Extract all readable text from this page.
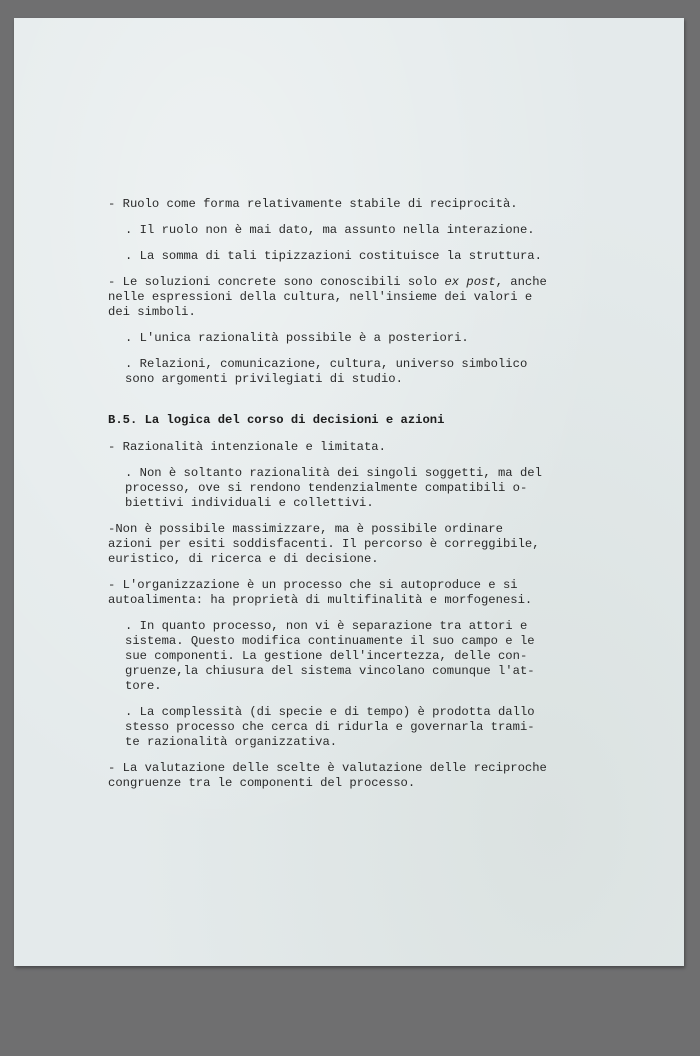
- Ruolo come forma relativamente stabile di reciprocità.
. Il ruolo non è mai dato, ma assunto nella interazione.
. La somma di tali tipizzazioni costituisce la struttura.
- Le soluzioni concrete sono conoscibili solo ex post, anche
nelle espressioni della cultura, nell'insieme dei valori e
dei simboli.
. L'unica razionalità possibile è a posteriori.
. Relazioni, comunicazione, cultura, universo simbolico
sono argomenti privilegiati di studio.
B.5. La logica del corso di decisioni e azioni
- Razionalità intenzionale e limitata.
. Non è soltanto razionalità dei singoli soggetti, ma del
processo, ove si rendono tendenzialmente compatibili o-
biettivi individuali e collettivi.
-Non è possibile massimizzare, ma è possibile ordinare
azioni per esiti soddisfacenti. Il percorso è correggibile,
euristico, di ricerca e di decisione.
- L'organizzazione è un processo che si autoproduce e si
autoalimenta: ha proprietà di multifinalità e morfogenesi.
. In quanto processo, non vi è separazione tra attori e
sistema. Questo modifica continuamente il suo campo e le
sue componenti. La gestione dell'incertezza, delle con-
gruenze,la chiusura del sistema vincolano comunque l'at-
tore.
. La complessità (di specie e di tempo) è prodotta dallo
stesso processo che cerca di ridurla e governarla trami-
te razionalità organizzativa.
- La valutazione delle scelte è valutazione delle reciproche
congruenze tra le componenti del processo.
